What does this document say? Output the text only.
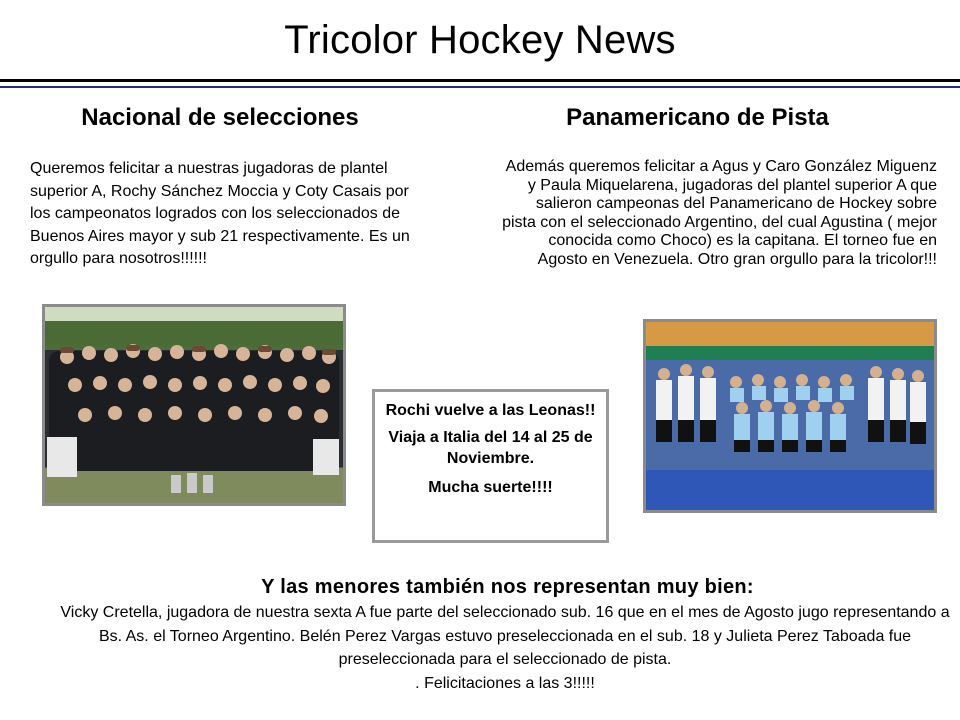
Tricolor Hockey News
Nacional de selecciones
Queremos felicitar a nuestras jugadoras de plantel superior A, Rochy Sánchez Moccia y Coty Casais por los campeonatos logrados con los seleccionados de Buenos Aires mayor y sub 21 respectivamente. Es un orgullo para nosotros!!!!!!
Panamericano de Pista
Además queremos felicitar a Agus y Caro González Miguenz y Paula Miquelarena, jugadoras del plantel superior A que salieron campeonas del Panamericano de Hockey sobre pista con el seleccionado Argentino, del cual Agustina ( mejor conocida como Choco) es la capitana. El torneo fue en Agosto en Venezuela. Otro gran orgullo para la tricolor!!!

Rochi vuelve a las Leonas!!

Viaja a Italia del 14 al 25 de Noviembre.

Mucha suerte!!!!

Y las menores también nos representan muy bien:
Vicky Cretella, jugadora de nuestra sexta A fue parte del seleccionado sub. 16 que en el mes de Agosto jugo representando a Bs. As. el Torneo Argentino. Belén Perez Vargas estuvo preseleccionada en el sub. 18 y Julieta Perez Taboada fue preseleccionada para el seleccionado de pista.
. Felicitaciones a las 3!!!!!
